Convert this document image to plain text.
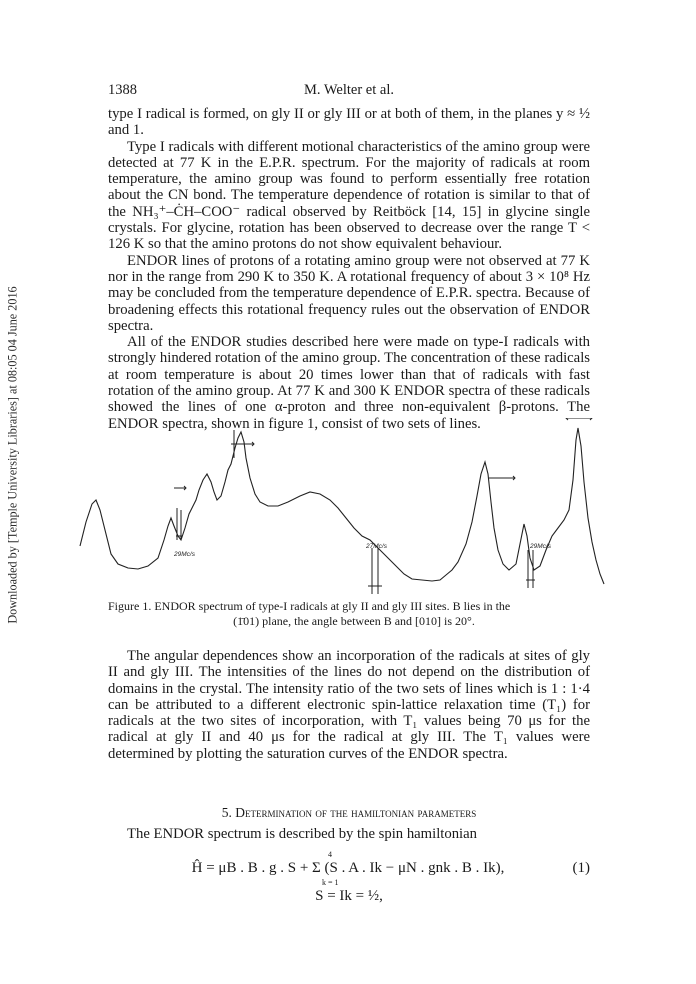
Downloaded by [Temple University Libraries] at 08:05 04 June 2016
1388	M. Welter et al.

type I radical is formed, on gly II or gly III or at both of them, in the planes y ≈ ½ and 1.

Type I radicals with different motional characteristics of the amino group were detected at 77 K in the E.P.R. spectrum. For the majority of radicals at room temperature, the amino group was found to perform essentially free rotation about the CN bond. The temperature dependence of rotation is similar to that of the NH₃⁺–ĊH–COO⁻ radical observed by Reitböck [14, 15] in glycine single crystals. For glycine, rotation has been observed to decrease over the range T < 126 K so that the amino protons do not show equivalent behaviour.

ENDOR lines of protons of a rotating amino group were not observed at 77 K nor in the range from 290 K to 350 K. A rotational frequency of about 3 × 10⁸ Hz may be concluded from the temperature dependence of E.P.R. spectra. Because of broadening effects this rotational frequency rules out the observation of ENDOR spectra.

All of the ENDOR studies described here were made on type-I radicals with strongly hindered rotation of the amino group. The concentration of these radicals at room temperature is about 20 times lower than that of radicals with fast rotation of the amino group. At 77 K and 300 K ENDOR spectra of these radicals showed the lines of one α-proton and three non-equivalent β-protons. The ENDOR spectra, shown in figure 1, consist of two sets of lines.

29Mc/s
27Mc/s	29Mc/s

Figure 1. ENDOR spectrum of type-I radicals at gly II and gly III sites. B lies in the

(1̄01) plane, the angle between B and [010] is 20°.

The angular dependences show an incorporation of the radicals at sites of gly II and gly III. The intensities of the lines do not depend on the distribution of domains in the crystal. The intensity ratio of the two sets of lines which is 1 : 1·4 can be attributed to a different electronic spin-lattice relaxation time (T₁) for radicals at the two sites of incorporation, with T₁ values being 70 μs for the radical at gly II and 40 μs for the radical at gly III. The T₁ values were determined by plotting the saturation curves of the ENDOR spectra.

5. Determination of the hamiltonian parameters

The ENDOR spectrum is described by the spin hamiltonian

4
Ĥ = μB . B . g . S + Σ (S . A . Ik − μN . gnk . B . Ik),
k = 1
(1)
S = Ik = ½,
